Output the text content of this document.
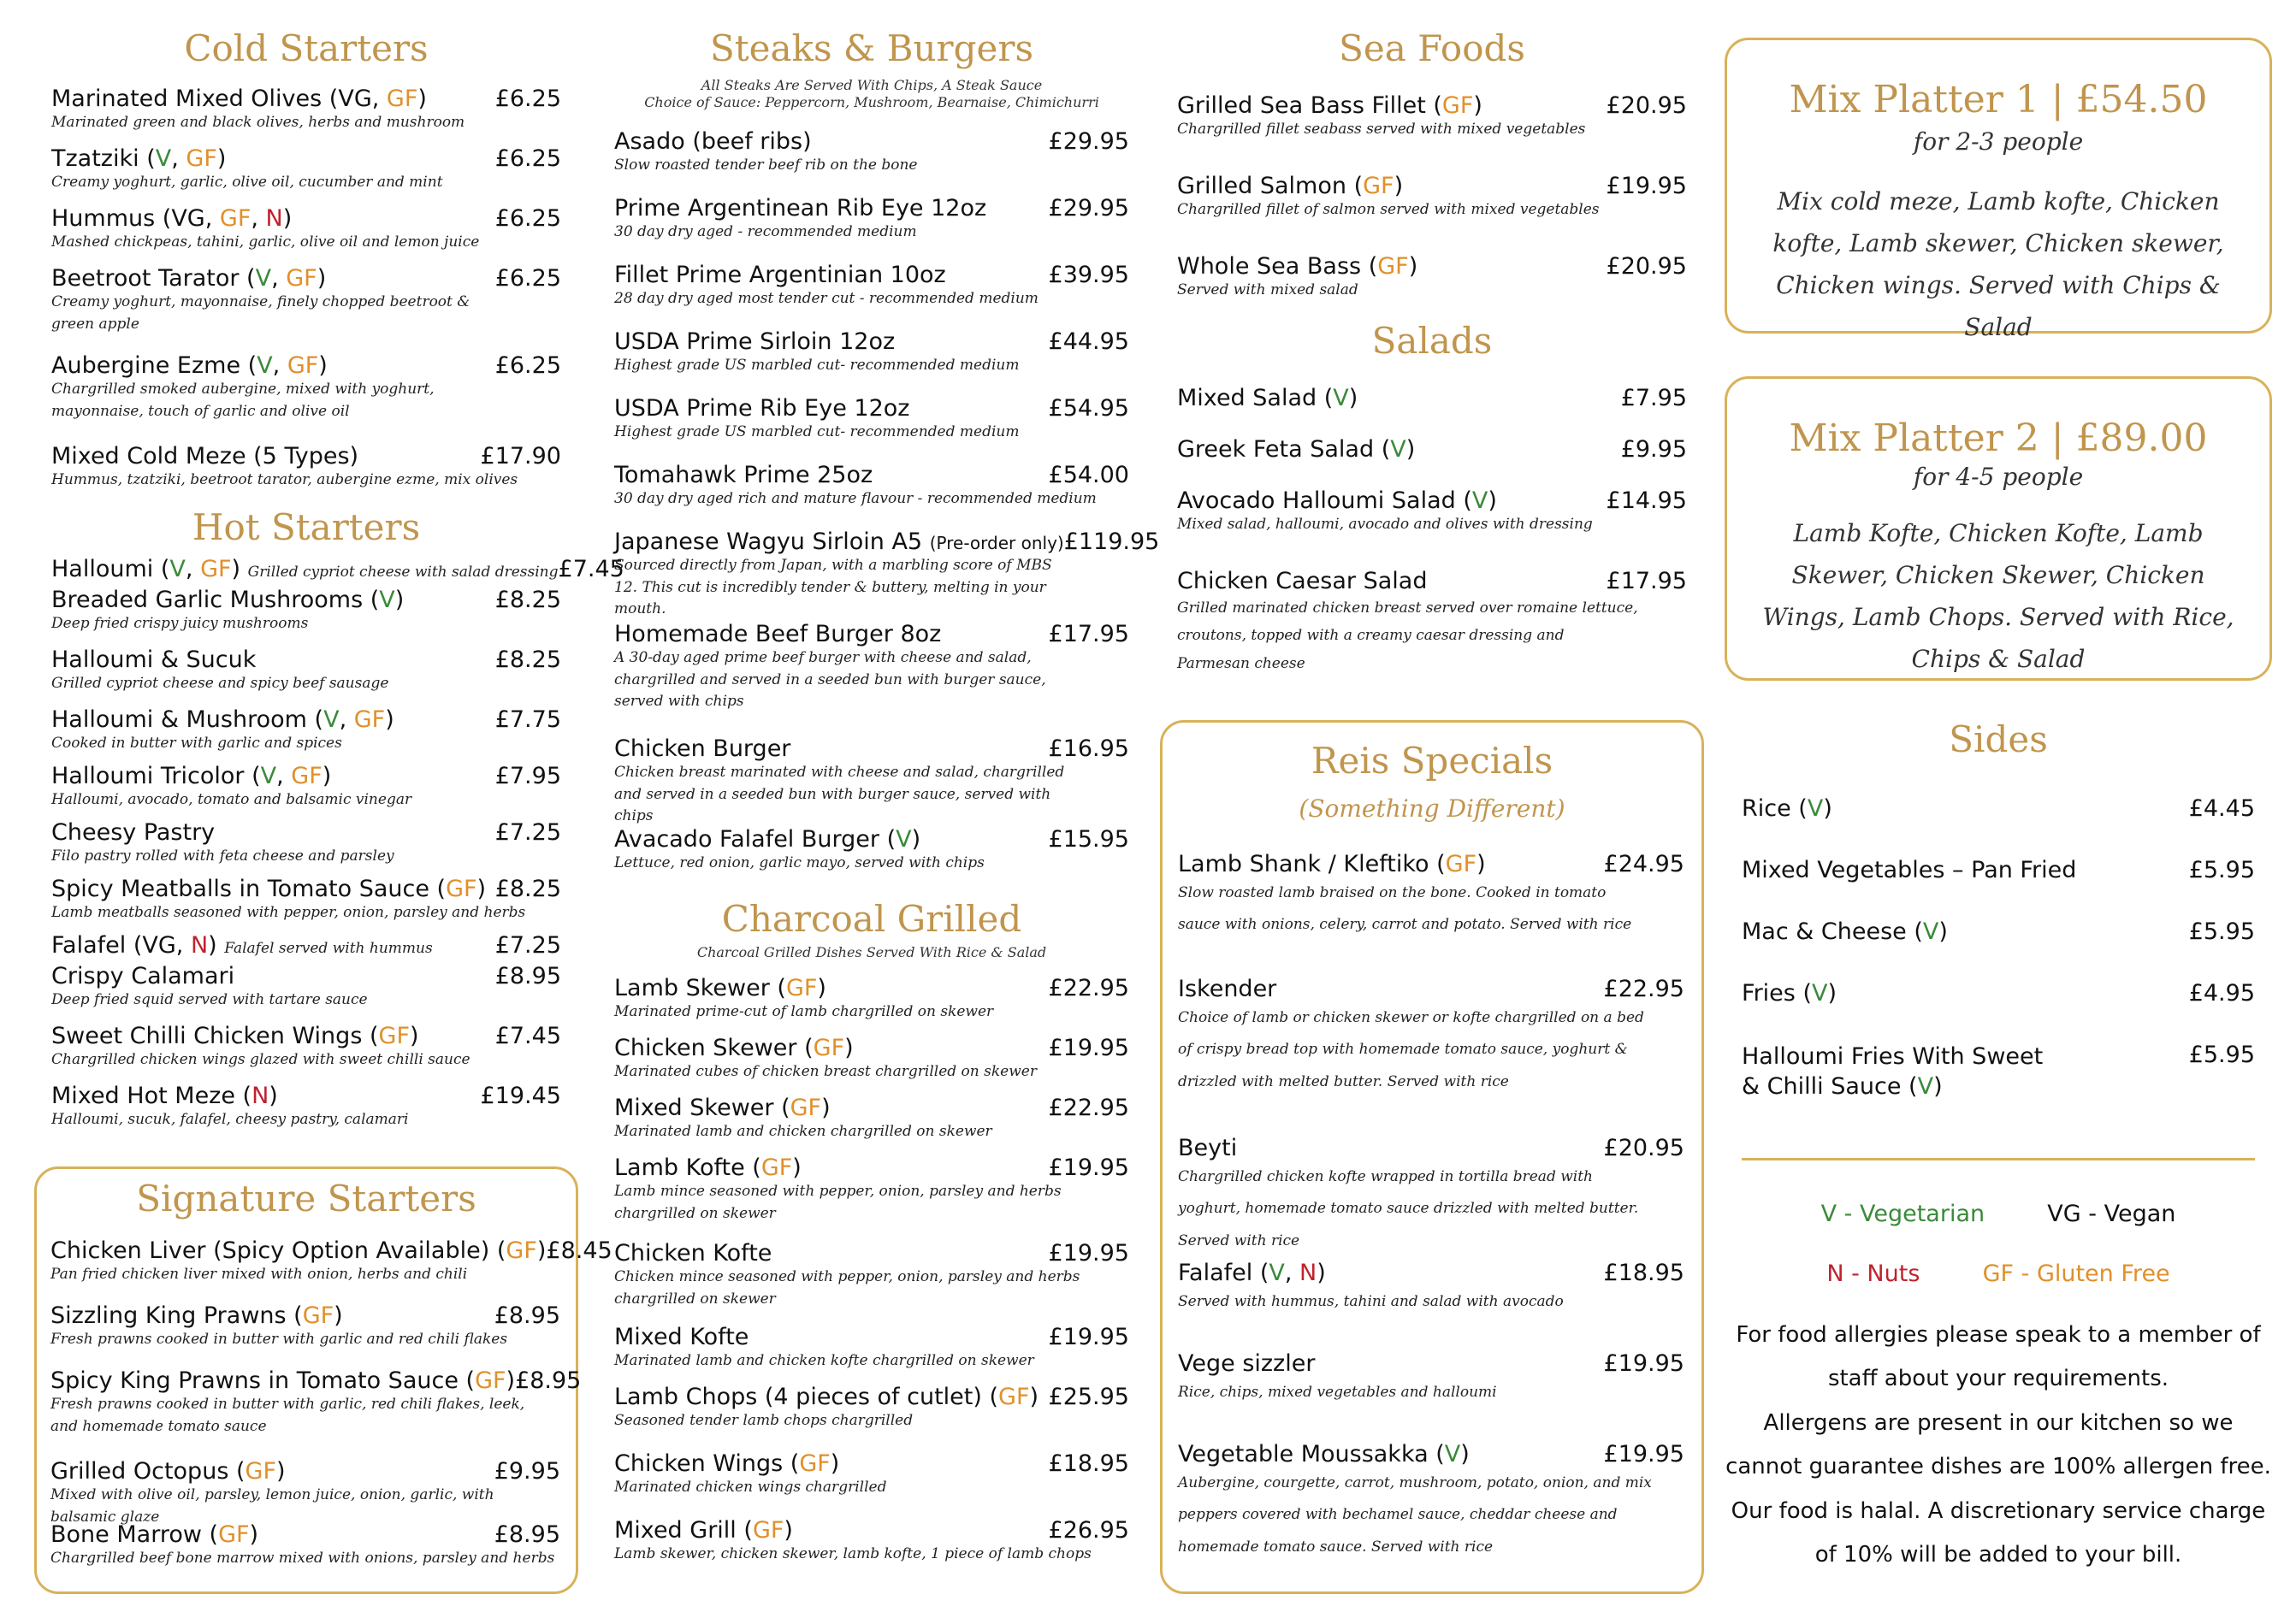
Cold Starters
Marinated Mixed Olives (VG, GF)	£6.25
Marinated green and black olives, herbs and mushroom
Tzatziki (V, GF)	£6.25
Creamy yoghurt, garlic, olive oil, cucumber and mint
Hummus (VG, GF, N)	£6.25
Mashed chickpeas, tahini, garlic, olive oil and lemon juice
Beetroot Tarator (V, GF)	£6.25
Creamy yoghurt, mayonnaise, finely chopped beetroot & green apple
Aubergine Ezme (V, GF)	£6.25
Chargrilled smoked aubergine, mixed with yoghurt, mayonnaise, touch of garlic and olive oil
Mixed Cold Meze (5 Types)	£17.90
Hummus, tzatziki, beetroot tarator, aubergine ezme, mix olives
Hot Starters
Halloumi (V, GF) Grilled cypriot cheese with salad dressing £7.45
Breaded Garlic Mushrooms (V)	£8.25
Deep fried crispy juicy mushrooms
Halloumi & Sucuk	£8.25
Grilled cypriot cheese and spicy beef sausage
Halloumi & Mushroom (V, GF)	£7.75
Cooked in butter with garlic and spices
Halloumi Tricolor (V, GF)	£7.95
Halloumi, avocado, tomato and balsamic vinegar
Cheesy Pastry	£7.25
Filo pastry rolled with feta cheese and parsley
Spicy Meatballs in Tomato Sauce (GF) £8.25
Lamb meatballs seasoned with pepper, onion, parsley and herbs
Falafel (VG, N) Falafel served with hummus	£7.25
Crispy Calamari	£8.95
Deep fried squid served with tartare sauce
Sweet Chilli Chicken Wings (GF)	£7.45
Chargrilled chicken wings glazed with sweet chilli sauce
Mixed Hot Meze (N)	£19.45
Halloumi, sucuk, falafel, cheesy pastry, calamari
Signature Starters
Chicken Liver (Spicy Option Available) (GF) £8.45
Pan fried chicken liver mixed with onion, herbs and chili
Sizzling King Prawns (GF)	£8.95
Fresh prawns cooked in butter with garlic and red chili flakes
Spicy King Prawns in Tomato Sauce (GF) £8.95
Fresh prawns cooked in butter with garlic, red chili flakes, leek, and homemade tomato sauce
Grilled Octopus (GF)	£9.95
Mixed with olive oil, parsley, lemon juice, onion, garlic, with balsamic glaze
Bone Marrow (GF)	£8.95
Chargrilled beef bone marrow mixed with onions, parsley and herbs
Steaks & Burgers
All Steaks Are Served With Chips, A Steak Sauce
Choice of Sauce: Peppercorn, Mushroom, Bearnaise, Chimichurri
Asado (beef ribs)	£29.95
Slow roasted tender beef rib on the bone
Prime Argentinean Rib Eye 12oz	£29.95
30 day dry aged - recommended medium
Fillet Prime Argentinian 10oz	£39.95
28 day dry aged most tender cut - recommended medium
USDA Prime Sirloin 12oz	£44.95
Highest grade US marbled cut- recommended medium
USDA Prime Rib Eye 12oz	£54.95
Highest grade US marbled cut- recommended medium
Tomahawk Prime 25oz	£54.00
30 day dry aged rich and mature flavour - recommended medium
Japanese Wagyu Sirloin A5 (Pre-order only) £119.95
Sourced directly from Japan, with a marbling score of MBS 12. This cut is incredibly tender & buttery, melting in your mouth.
Homemade Beef Burger 8oz	£17.95
A 30-day aged prime beef burger with cheese and salad, chargrilled and served in a seeded bun with burger sauce, served with chips
Chicken Burger	£16.95
Chicken breast marinated with cheese and salad, chargrilled and served in a seeded bun with burger sauce, served with chips
Avacado Falafel Burger (V)	£15.95
Lettuce, red onion, garlic mayo, served with chips
Charcoal Grilled
Charcoal Grilled Dishes Served With Rice & Salad
Lamb Skewer (GF)	£22.95
Marinated prime-cut of lamb chargrilled on skewer
Chicken Skewer (GF)	£19.95
Marinated cubes of chicken breast chargrilled on skewer
Mixed Skewer (GF)	£22.95
Marinated lamb and chicken chargrilled on skewer
Lamb Kofte (GF)	£19.95
Lamb mince seasoned with pepper, onion, parsley and herbs chargrilled on skewer
Chicken Kofte	£19.95
Chicken mince seasoned with pepper, onion, parsley and herbs chargrilled on skewer
Mixed Kofte	£19.95
Marinated lamb and chicken kofte chargrilled on skewer
Lamb Chops (4 pieces of cutlet) (GF) £25.95
Seasoned tender lamb chops chargrilled
Chicken Wings (GF)	£18.95
Marinated chicken wings chargrilled
Mixed Grill (GF)	£26.95
Lamb skewer, chicken skewer, lamb kofte, 1 piece of lamb chops
Sea Foods
Grilled Sea Bass Fillet (GF)	£20.95
Chargrilled fillet seabass served with mixed vegetables
Grilled Salmon (GF)	£19.95
Chargrilled fillet of salmon served with mixed vegetables
Whole Sea Bass (GF)	£20.95
Served with mixed salad
Salads
Mixed Salad (V)	£7.95
Greek Feta Salad (V)	£9.95
Avocado Halloumi Salad (V)	£14.95
Mixed salad, halloumi, avocado and olives with dressing
Chicken Caesar Salad	£17.95
Grilled marinated chicken breast served over romaine lettuce, croutons, topped with a creamy caesar dressing and Parmesan cheese
Reis Specials
(Something Different)
Lamb Shank / Kleftiko (GF)	£24.95
Slow roasted lamb braised on the bone. Cooked in tomato sauce with onions, celery, carrot and potato. Served with rice
Iskender	£22.95
Choice of lamb or chicken skewer or kofte chargrilled on a bed of crispy bread top with homemade tomato sauce, yoghurt & drizzled with melted butter. Served with rice
Beyti	£20.95
Chargrilled chicken kofte wrapped in tortilla bread with yoghurt, homemade tomato sauce drizzled with melted butter. Served with rice
Falafel (V, N)	£18.95
Served with hummus, tahini and salad with avocado
Vege sizzler	£19.95
Rice, chips, mixed vegetables and halloumi
Vegetable Moussakka (V)	£19.95
Aubergine, courgette, carrot, mushroom, potato, onion, and mix peppers covered with bechamel sauce, cheddar cheese and homemade tomato sauce. Served with rice
Mix Platter 1 | £54.50
for 2-3 people
Mix cold meze, Lamb kofte, Chicken kofte, Lamb skewer, Chicken skewer, Chicken wings. Served with Chips & Salad
Mix Platter 2 | £89.00
for 4-5 people
Lamb Kofte, Chicken Kofte, Lamb Skewer, Chicken Skewer, Chicken Wings, Lamb Chops. Served with Rice, Chips & Salad
Sides
Rice (V)	£4.45
Mixed Vegetables – Pan Fried	£5.95
Mac & Cheese (V)	£5.95
Fries (V)	£4.95
Halloumi Fries With Sweet & Chilli Sauce (V)
£5.95
V - Vegetarian	VG - Vegan
N - Nuts	GF - Gluten Free
For food allergies please speak to a member of
staff about your requirements.
Allergens are present in our kitchen so we
cannot guarantee dishes are 100% allergen free.
Our food is halal. A discretionary service charge
of 10% will be added to your bill.
